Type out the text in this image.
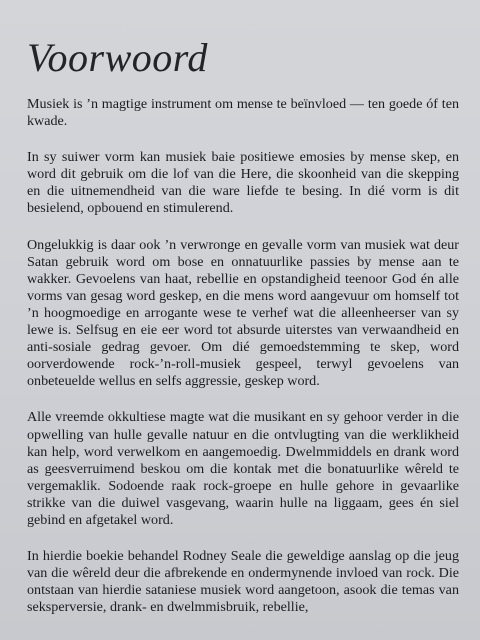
Voorwoord

Musiek is ’n magtige instrument om mense te beïnvloed — ten goede óf ten kwade.

In sy suiwer vorm kan musiek baie positiewe emosies by mense skep, en word dit gebruik om die lof van die Here, die skoonheid van die skepping en die uitnemendheid van die ware liefde te besing. In dié vorm is dit besielend, opbouend en stimulerend.

Ongelukkig is daar ook ’n verwronge en gevalle vorm van musiek wat deur Satan gebruik word om bose en onnatuurlike passies by mense aan te wakker. Gevoelens van haat, rebellie en opstandigheid teenoor God én alle vorms van gesag word geskep, en die mens word aangevuur om homself tot ’n hoogmoedige en arrogante wese te verhef wat die alleenheerser van sy lewe is. Selfsug en eie eer word tot absurde uiterstes van verwaandheid en anti-sosiale gedrag gevoer. Om dié gemoedstemming te skep, word oorverdowende rock-’n-roll-musiek gespeel, terwyl gevoelens van onbeteuelde wellus en selfs aggressie, geskep word.

Alle vreemde okkultiese magte wat die musikant en sy gehoor verder in die opwelling van hulle gevalle natuur en die ontvlugting van die werklikheid kan help, word verwelkom en aangemoedig. Dwelmmiddels en drank word as geesverruimend beskou om die kontak met die bonatuurlike wêreld te vergemaklik. Sodoende raak rock-groepe en hulle gehore in gevaarlike strikke van die duiwel vasgevang, waarin hulle na liggaam, gees én siel gebind en afgetakel word.

In hierdie boekie behandel Rodney Seale die geweldige aanslag op die jeug van die wêreld deur die afbrekende en ondermynende invloed van rock. Die ontstaan van hierdie sataniese musiek word aangetoon, asook die temas van seksperversie, drank- en dwelmmisbruik, rebellie,
